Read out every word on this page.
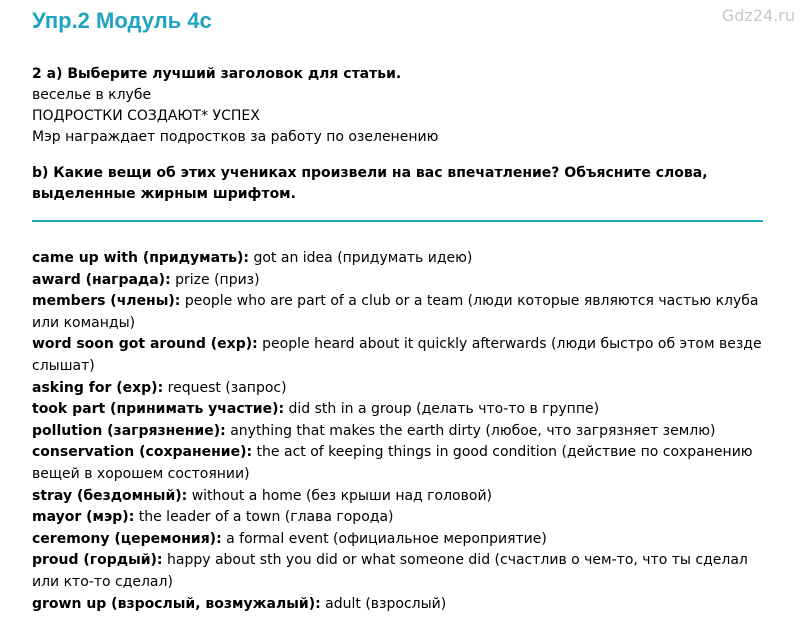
Упр.2 Модуль 4с	Gdz24.ru
2 a) Выберите лучший заголовок для статьи.
веселье в клубе
ПОДРОСТКИ СОЗДАЮТ* УСПЕХ
Мэр награждает подростков за работу по озеленению
b) Какие вещи об этих учениках произвели на вас впечатление? Объясните слова,
выделенные жирным шрифтом.

came up with (придумать): got an idea (придумать идею)

award (награда): prize (приз)

members (члены): people who are part of a club or a team (люди которые являются частью клуба или команды)

word soon got around (exp): people heard about it quickly afterwards (люди быстро об этом везде слышат)

asking for (exp): request (запрос)

took part (принимать участие): did sth in a group (делать что-то в группе)

pollution (загрязнение): anything that makes the earth dirty (любое, что загрязняет землю)

conservation (сохранение): the act of keeping things in good condition (действие по сохранению вещей в хорошем состоянии)

stray (бездомный): without a home (без крыши над головой)

mayor (мэр): the leader of a town (глава города)

ceremony (церемония): a formal event (официальное мероприятие)

proud (гордый): happy about sth you did or what someone did (счастлив о чем-то, что ты сделал или кто-то сделал)

grown up (взрослый, возмужалый): adult (взрослый)
